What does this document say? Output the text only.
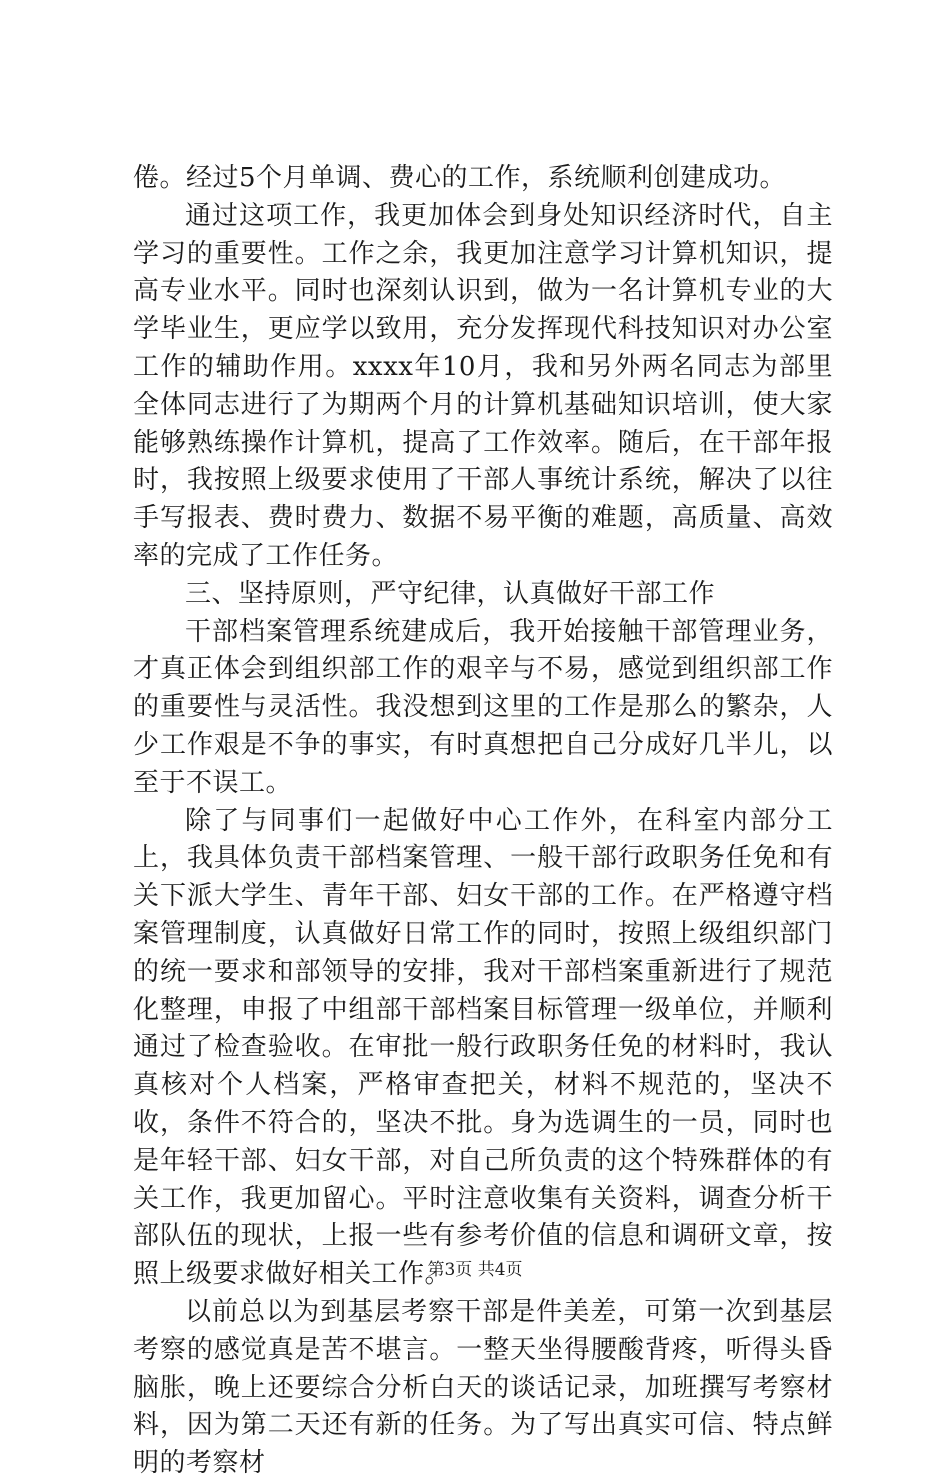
倦。经过5个月单调、费心的工作，系统顺利创建成功。

通过这项工作，我更加体会到身处知识经济时代，自主学习的重要性。工作之余，我更加注意学习计算机知识，提高专业水平。同时也深刻认识到，做为一名计算机专业的大学毕业生，更应学以致用，充分发挥现代科技知识对办公室工作的辅助作用。xxxx年10月，我和另外两名同志为部里全体同志进行了为期两个月的计算机基础知识培训，使大家能够熟练操作计算机，提高了工作效率。随后，在干部年报时，我按照上级要求使用了干部人事统计系统，解决了以往手写报表、费时费力、数据不易平衡的难题，高质量、高效率的完成了工作任务。

三、坚持原则，严守纪律，认真做好干部工作

干部档案管理系统建成后，我开始接触干部管理业务，才真正体会到组织部工作的艰辛与不易，感觉到组织部工作的重要性与灵活性。我没想到这里的工作是那么的繁杂，人少工作艰是不争的事实，有时真想把自己分成好几半儿，以至于不误工。

除了与同事们一起做好中心工作外，在科室内部分工上，我具体负责干部档案管理、一般干部行政职务任免和有关下派大学生、青年干部、妇女干部的工作。在严格遵守档案管理制度，认真做好日常工作的同时，按照上级组织部门的统一要求和部领导的安排，我对干部档案重新进行了规范化整理，申报了中组部干部档案目标管理一级单位，并顺利通过了检查验收。在审批一般行政职务任免的材料时，我认真核对个人档案，严格审查把关，材料不规范的，坚决不收，条件不符合的，坚决不批。身为选调生的一员，同时也是年轻干部、妇女干部，对自己所负责的这个特殊群体的有关工作，我更加留心。平时注意收集有关资料，调查分析干部队伍的现状，上报一些有参考价值的信息和调研文章，按照上级要求做好相关工作。

以前总以为到基层考察干部是件美差，可第一次到基层考察的感觉真是苦不堪言。一整天坐得腰酸背疼，听得头昏脑胀，晚上还要综合分析白天的谈话记录，加班撰写考察材料，因为第二天还有新的任务。为了写出真实可信、特点鲜明的考察材

第3页 共4页
